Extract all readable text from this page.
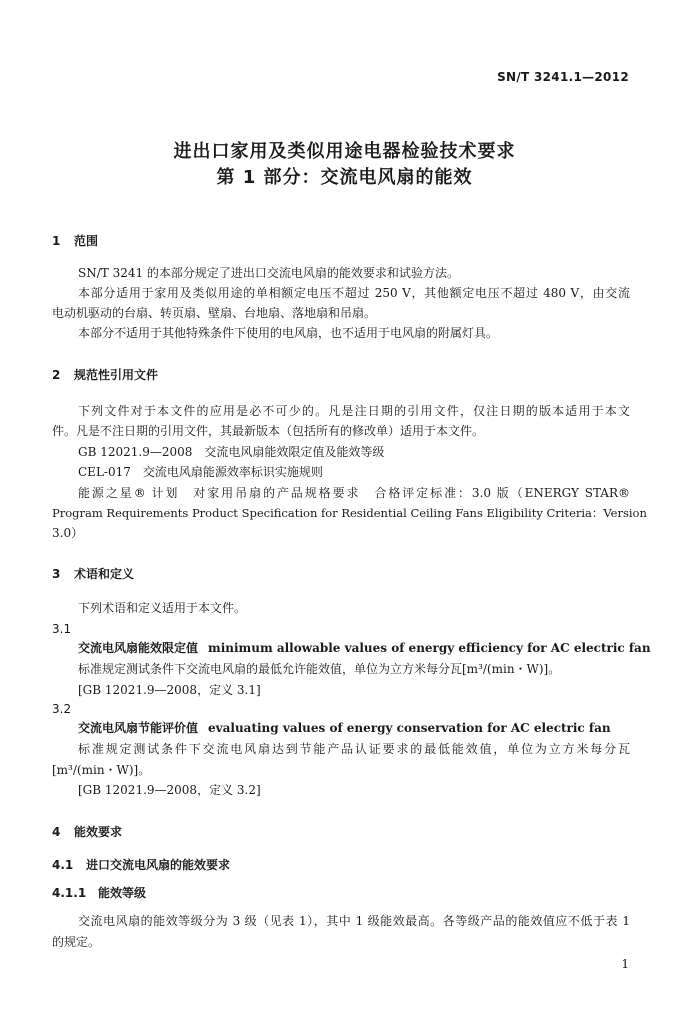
SN/T 3241.1—2012
进出口家用及类似用途电器检验技术要求
第 1 部分：交流电风扇的能效
1 范围
SN/T 3241 的本部分规定了进出口交流电风扇的能效要求和试验方法。
本部分适用于家用及类似用途的单相额定电压不超过 250 V，其他额定电压不超过 480 V，由交流
电动机驱动的台扇、转页扇、壁扇、台地扇、落地扇和吊扇。
本部分不适用于其他特殊条件下使用的电风扇，也不适用于电风扇的附属灯具。
2 规范性引用文件
下列文件对于本文件的应用是必不可少的。凡是注日期的引用文件，仅注日期的版本适用于本文
件。凡是不注日期的引用文件，其最新版本（包括所有的修改单）适用于本文件。
GB 12021.9—2008　交流电风扇能效限定值及能效等级
CEL-017　交流电风扇能源效率标识实施规则
能源之星® 计划　对家用吊扇的产品规格要求　合格评定标准：3.0 版（ENERGY STAR®
Program Requirements Product Specification for Residential Ceiling Fans Eligibility Criteria：Version
3.0）
3 术语和定义
下列术语和定义适用于本文件。
3.1
交流电风扇能效限定值 minimum allowable values of energy efficiency for AC electric fan
标准规定测试条件下交流电风扇的最低允许能效值，单位为立方米每分瓦[m³/(min・W)]。
[GB 12021.9—2008，定义 3.1]
3.2
交流电风扇节能评价值 evaluating values of energy conservation for AC electric fan
标准规定测试条件下交流电风扇达到节能产品认证要求的最低能效值，单位为立方米每分瓦
[m³/(min・W)]。
[GB 12021.9—2008，定义 3.2]
4 能效要求
4.1 进口交流电风扇的能效要求
4.1.1 能效等级
交流电风扇的能效等级分为 3 级（见表 1），其中 1 级能效最高。各等级产品的能效值应不低于表 1
的规定。
1
